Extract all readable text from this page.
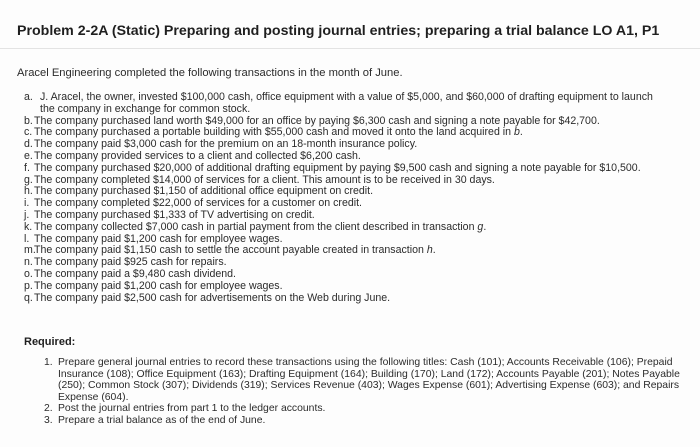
Problem 2-2A (Static) Preparing and posting journal entries; preparing a trial balance LO A1, P1
Aracel Engineering completed the following transactions in the month of June.
a. J. Aracel, the owner, invested $100,000 cash, office equipment with a value of $5,000, and $60,000 of drafting equipment to launch the company in exchange for common stock.
b. The company purchased land worth $49,000 for an office by paying $6,300 cash and signing a note payable for $42,700.
c. The company purchased a portable building with $55,000 cash and moved it onto the land acquired in b.
d. The company paid $3,000 cash for the premium on an 18-month insurance policy.
e. The company provided services to a client and collected $6,200 cash.
f. The company purchased $20,000 of additional drafting equipment by paying $9,500 cash and signing a note payable for $10,500.
g. The company completed $14,000 of services for a client. This amount is to be received in 30 days.
h. The company purchased $1,150 of additional office equipment on credit.
i. The company completed $22,000 of services for a customer on credit.
j. The company purchased $1,333 of TV advertising on credit.
k. The company collected $7,000 cash in partial payment from the client described in transaction g.
l. The company paid $1,200 cash for employee wages.
m.
The company paid $1,150 cash to settle the account payable created in transaction h.
n. The company paid $925 cash for repairs.
o. The company paid a $9,480 cash dividend.
p. The company paid $1,200 cash for employee wages.
q. The company paid $2,500 cash for advertisements on the Web during June.
Required:
1. Prepare general journal entries to record these transactions using the following titles: Cash (101); Accounts Receivable (106); Prepaid Insurance (108); Office Equipment (163); Drafting Equipment (164); Building (170); Land (172); Accounts Payable (201); Notes Payable (250); Common Stock (307); Dividends (319); Services Revenue (403); Wages Expense (601); Advertising Expense (603); and Repairs Expense (604).
2. Post the journal entries from part 1 to the ledger accounts.
3. Prepare a trial balance as of the end of June.
